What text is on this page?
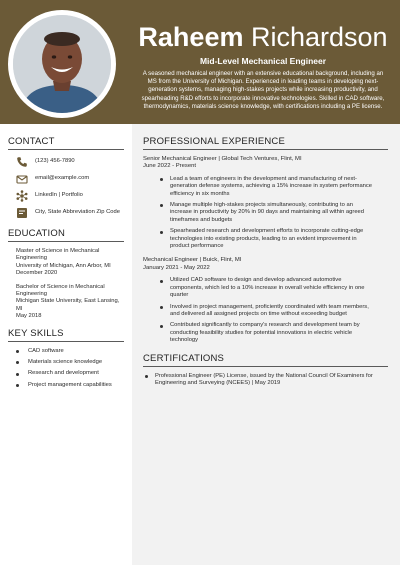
Raheem Richardson
Mid-Level Mechanical Engineer
A seasoned mechanical engineer with an extensive educational background, including an MS from the University of Michigan. Experienced in leading teams in developing next-generation systems, managing high-stakes projects while increasing productivity, and spearheading R&D efforts to incorporate innovative technologies. Skilled in CAD software, thermodynamics, materials science knowledge, with certifications including a PE license.
CONTACT
(123) 456-7890
email@example.com
LinkedIn | Portfolio
City, State Abbreviation Zip Code
EDUCATION
Master of Science in Mechanical Engineering
University of Michigan, Ann Arbor, MI
December 2020
Bachelor of Science in Mechanical Engineering
Michigan State University, East Lansing, MI
May 2018
KEY SKILLS
CAD software
Materials science knowledge
Research and development
Project management capabilities
PROFESSIONAL EXPERIENCE
Senior Mechanical Engineer | Global Tech Ventures, Flint, MI
June 2022 - Present
Lead a team of engineers in the development and manufacturing of next-generation defense systems, achieving a 15% increase in system performance efficiency in six months
Manage multiple high-stakes projects simultaneously, contributing to an increase in productivity by 20% in 90 days and maintaining all within agreed timeframes and budgets
Spearheaded research and development efforts to incorporate cutting-edge technologies into existing products, leading to an evident improvement in product performance
Mechanical Engineer | Buick, Flint, MI
January 2021 - May 2022
Utilized CAD software to design and develop advanced automotive components, which led to a 10% increase in overall vehicle efficiency in one quarter
Involved in project management, proficiently coordinated with team members, and delivered all assigned projects on time without exceeding budget
Contributed significantly to company's research and development team by conducting feasibility studies for potential innovations in electric vehicle technology
CERTIFICATIONS
Professional Engineer (PE) License, issued by the National Council Of Examiners for Engineering and Surveying (NCEES) | May 2019
